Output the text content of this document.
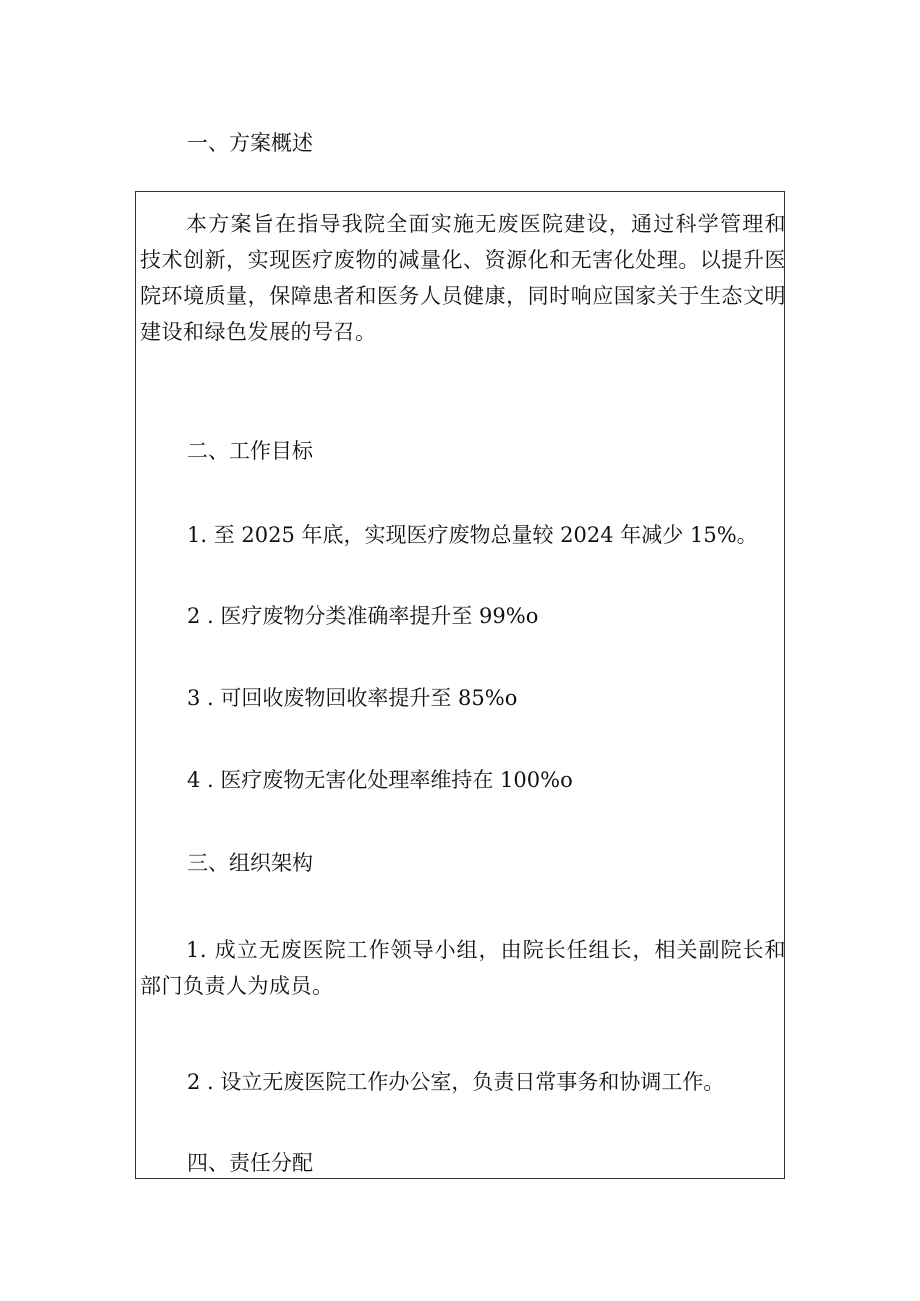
一、方案概述
本方案旨在指导我院全面实施无废医院建设，通过科学管理和技术创新，实现医疗废物的减量化、资源化和无害化处理。以提升医院环境质量，保障患者和医务人员健康，同时响应国家关于生态文明建设和绿色发展的号召。
二、工作目标
1. 至 2025 年底，实现医疗废物总量较 2024 年减少 15%。
2 . 医疗废物分类准确率提升至 99%o
3 . 可回收废物回收率提升至 85%o
4 . 医疗废物无害化处理率维持在 100%o
三、组织架构
1. 成立无废医院工作领导小组，由院长任组长，相关副院长和部门负责人为成员。
2 . 设立无废医院工作办公室，负责日常事务和协调工作。
四、责任分配
